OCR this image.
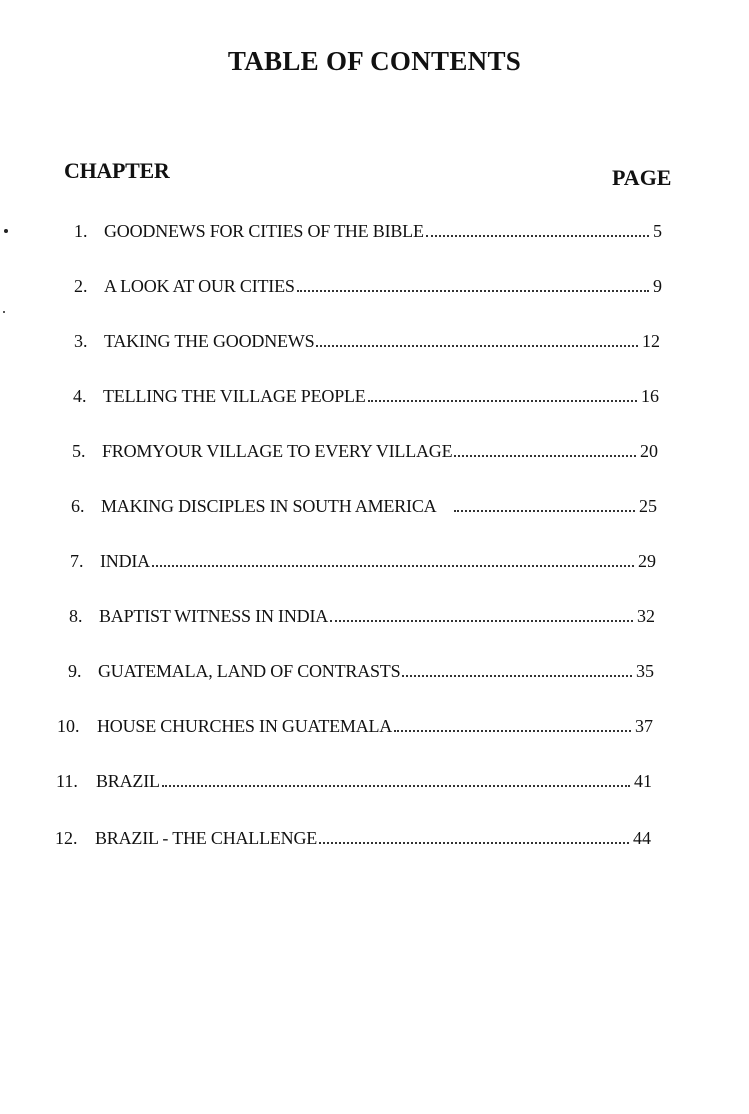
TABLE OF CONTENTS
CHAPTER	PAGE
1. GOODNEWS FOR CITIES OF THE BIBLE	5
2. A LOOK AT OUR CITIES	9
3. TAKING THE GOODNEWS	12
4. TELLING THE VILLAGE PEOPLE	16
5. FROMYOUR VILLAGE TO EVERY VILLAGE	20
6. MAKING DISCIPLES IN SOUTH AMERICA	25
7. INDIA	29
8. BAPTIST WITNESS IN INDIA	32
9. GUATEMALA, LAND OF CONTRASTS	35
10. HOUSE CHURCHES IN GUATEMALA	37
11.	BRAZIL	41
12. BRAZIL - THE CHALLENGE	44
